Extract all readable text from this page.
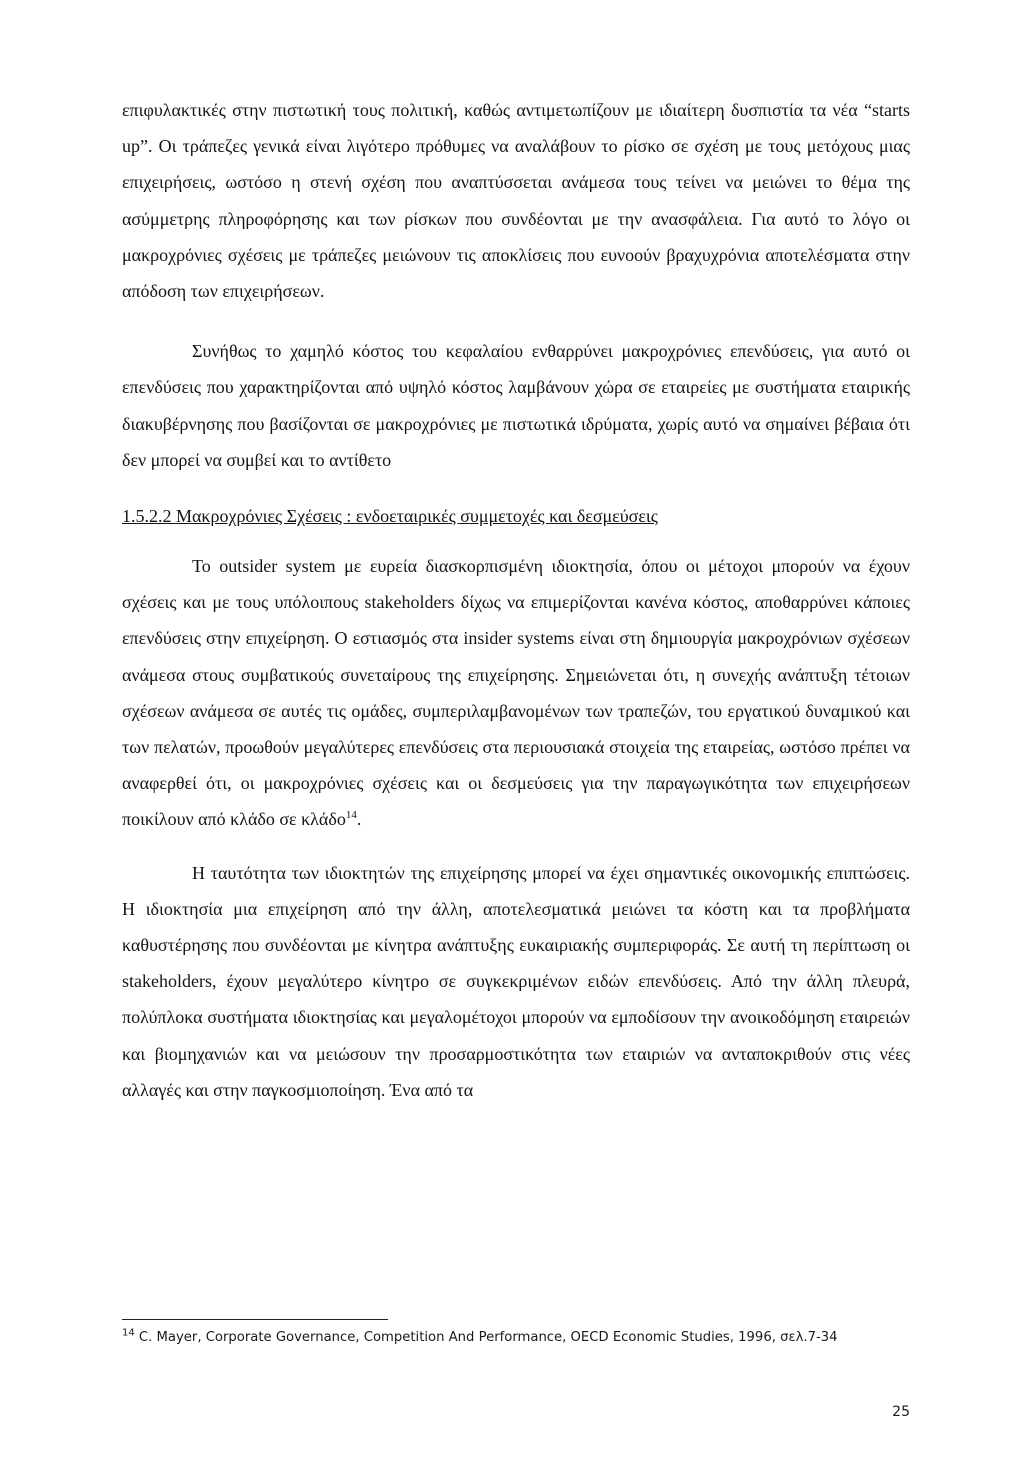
επιφυλακτικές στην πιστωτική τους πολιτική, καθώς αντιμετωπίζουν με ιδιαίτερη δυσπιστία τα νέα “starts up”. Οι τράπεζες γενικά είναι λιγότερο πρόθυμες να αναλάβουν το ρίσκο σε σχέση με τους μετόχους μιας επιχειρήσεις, ωστόσο η στενή σχέση που αναπτύσσεται ανάμεσα τους τείνει να μειώνει το θέμα της ασύμμετρης πληροφόρησης και των ρίσκων που συνδέονται με την ανασφάλεια. Για αυτό το λόγο οι μακροχρόνιες σχέσεις με τράπεζες μειώνουν τις αποκλίσεις που ευνοούν βραχυχρόνια αποτελέσματα στην απόδοση των επιχειρήσεων.

Συνήθως το χαμηλό κόστος του κεφαλαίου ενθαρρύνει μακροχρόνιες επενδύσεις, για αυτό οι επενδύσεις που χαρακτηρίζονται από υψηλό κόστος λαμβάνουν χώρα σε εταιρείες με συστήματα εταιρικής διακυβέρνησης που βασίζονται σε μακροχρόνιες με πιστωτικά ιδρύματα, χωρίς αυτό να σημαίνει βέβαια ότι δεν μπορεί να συμβεί και το αντίθετο

1.5.2.2 Μακροχρόνιες Σχέσεις : ενδοεταιρικές συμμετοχές και δεσμεύσεις

Το outsider system με ευρεία διασκορπισμένη ιδιοκτησία, όπου οι μέτοχοι μπορούν να έχουν σχέσεις και με τους υπόλοιπους stakeholders δίχως να επιμερίζονται κανένα κόστος, αποθαρρύνει κάποιες επενδύσεις στην επιχείρηση. Ο εστιασμός στα insider systems είναι στη δημιουργία μακροχρόνιων σχέσεων ανάμεσα στους συμβατικούς συνεταίρους της επιχείρησης. Σημειώνεται ότι, η συνεχής ανάπτυξη τέτοιων σχέσεων ανάμεσα σε αυτές τις ομάδες, συμπεριλαμβανομένων των τραπεζών, του εργατικού δυναμικού και των πελατών, προωθούν μεγαλύτερες επενδύσεις στα περιουσιακά στοιχεία της εταιρείας, ωστόσο πρέπει να αναφερθεί ότι, οι μακροχρόνιες σχέσεις και οι δεσμεύσεις για την παραγωγικότητα των επιχειρήσεων ποικίλουν από κλάδο σε κλάδο$^{14}$.

Η ταυτότητα των ιδιοκτητών της επιχείρησης μπορεί να έχει σημαντικές οικονομικής επιπτώσεις. Η ιδιοκτησία μια επιχείρηση από την άλλη, αποτελεσματικά μειώνει τα κόστη και τα προβλήματα καθυστέρησης που συνδέονται με κίνητρα ανάπτυξης ευκαιριακής συμπεριφοράς. Σε αυτή τη περίπτωση οι stakeholders, έχουν μεγαλύτερο κίνητρο σε συγκεκριμένων ειδών επενδύσεις. Από την άλλη πλευρά, πολύπλοκα συστήματα ιδιοκτησίας και μεγαλομέτοχοι μπορούν να εμποδίσουν την ανοικοδόμηση εταιρειών και βιομηχανιών και να μειώσουν την προσαρμοστικότητα των εταιριών να ανταποκριθούν στις νέες αλλαγές και στην παγκοσμιοποίηση. Ένα από τα

$^{14}$ C. Mayer, Corporate Governance, Competition And Performance, OECD Economic Studies, 1996, σελ.7-34
25
